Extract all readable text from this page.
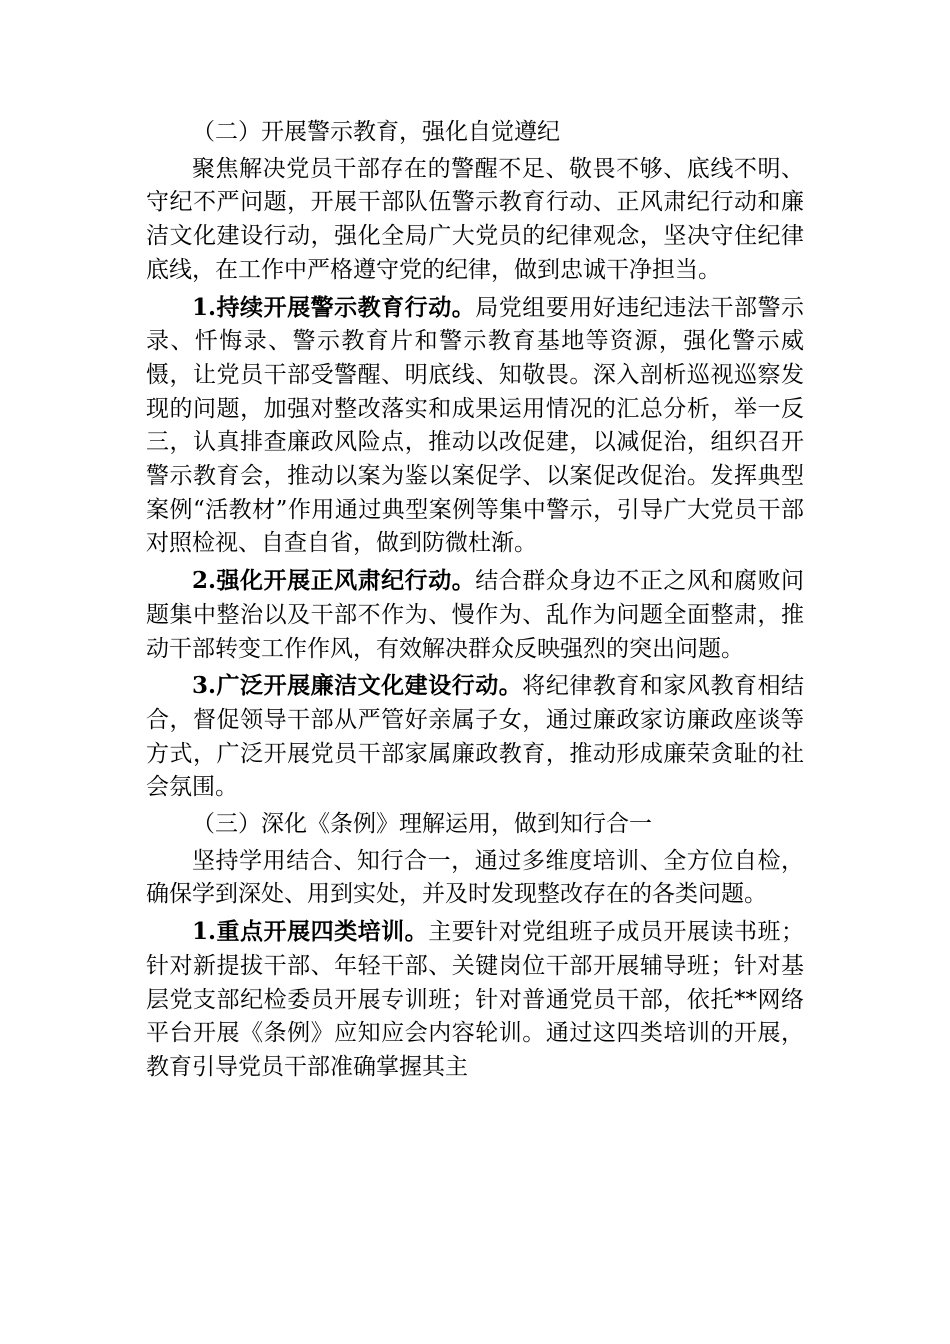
（二）开展警示教育，强化自觉遵纪

聚焦解决党员干部存在的警醒不足、敬畏不够、底线不明、守纪不严问题，开展干部队伍警示教育行动、正风肃纪行动和廉洁文化建设行动，强化全局广大党员的纪律观念，坚决守住纪律底线，在工作中严格遵守党的纪律，做到忠诚干净担当。

1.持续开展警示教育行动。局党组要用好违纪违法干部警示录、忏悔录、警示教育片和警示教育基地等资源，强化警示威慑，让党员干部受警醒、明底线、知敬畏。深入剖析巡视巡察发现的问题，加强对整改落实和成果运用情况的汇总分析，举一反三，认真排查廉政风险点，推动以改促建，以减促治，组织召开警示教育会，推动以案为鉴以案促学、以案促改促治。发挥典型案例“活教材”作用通过典型案例等集中警示，引导广大党员干部对照检视、自查自省，做到防微杜渐。

2.强化开展正风肃纪行动。结合群众身边不正之风和腐败问题集中整治以及干部不作为、慢作为、乱作为问题全面整肃，推动干部转变工作作风，有效解决群众反映强烈的突出问题。

3.广泛开展廉洁文化建设行动。将纪律教育和家风教育相结合，督促领导干部从严管好亲属子女，通过廉政家访廉政座谈等方式，广泛开展党员干部家属廉政教育，推动形成廉荣贪耻的社会氛围。

（三）深化《条例》理解运用，做到知行合一

坚持学用结合、知行合一，通过多维度培训、全方位自检，确保学到深处、用到实处，并及时发现整改存在的各类问题。

1.重点开展四类培训。主要针对党组班子成员开展读书班；针对新提拔干部、年轻干部、关键岗位干部开展辅导班；针对基层党支部纪检委员开展专训班；针对普通党员干部，依托**网络平台开展《条例》应知应会内容轮训。通过这四类培训的开展，教育引导党员干部准确掌握其主
